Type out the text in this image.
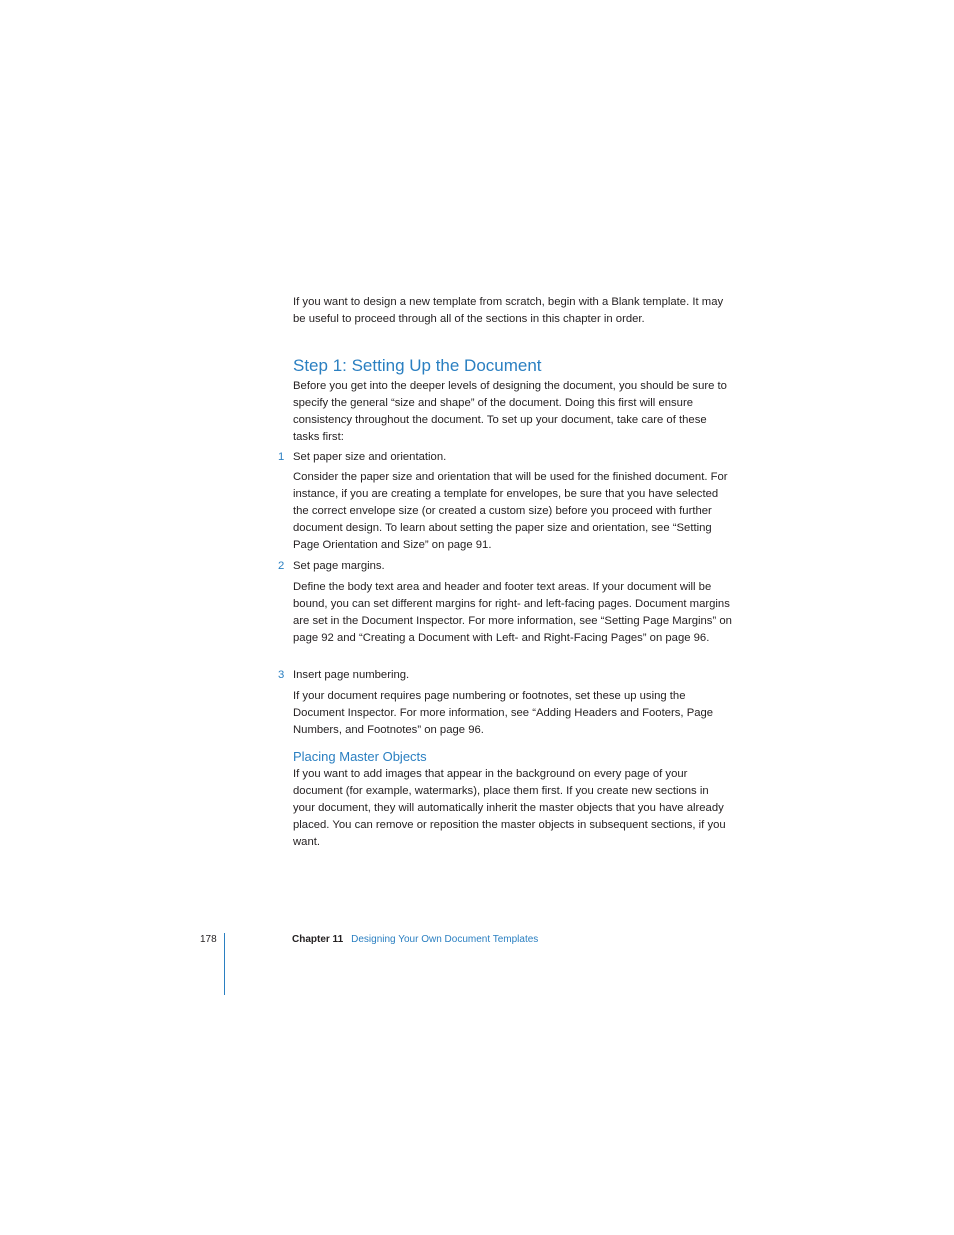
If you want to design a new template from scratch, begin with a Blank template. It may be useful to proceed through all of the sections in this chapter in order.

Step 1: Setting Up the Document

Before you get into the deeper levels of designing the document, you should be sure to specify the general “size and shape” of the document. Doing this first will ensure consistency throughout the document. To set up your document, take care of these tasks first:

1 Set paper size and orientation.

Consider the paper size and orientation that will be used for the finished document. For instance, if you are creating a template for envelopes, be sure that you have selected the correct envelope size (or created a custom size) before you proceed with further document design. To learn about setting the paper size and orientation, see “Setting Page Orientation and Size” on page 91.

2 Set page margins.

Define the body text area and header and footer text areas. If your document will be bound, you can set different margins for right- and left-facing pages. Document margins are set in the Document Inspector. For more information, see “Setting Page Margins” on page 92 and “Creating a Document with Left- and Right-Facing Pages” on page 96.

3 Insert page numbering.

If your document requires page numbering or footnotes, set these up using the Document Inspector. For more information, see “Adding Headers and Footers, Page Numbers, and Footnotes” on page 96.

Placing Master Objects

If you want to add images that appear in the background on every page of your document (for example, watermarks), place them first. If you create new sections in your document, they will automatically inherit the master objects that you have already placed. You can remove or reposition the master objects in subsequent sections, if you want.

178	Chapter 11 Designing Your Own Document Templates
